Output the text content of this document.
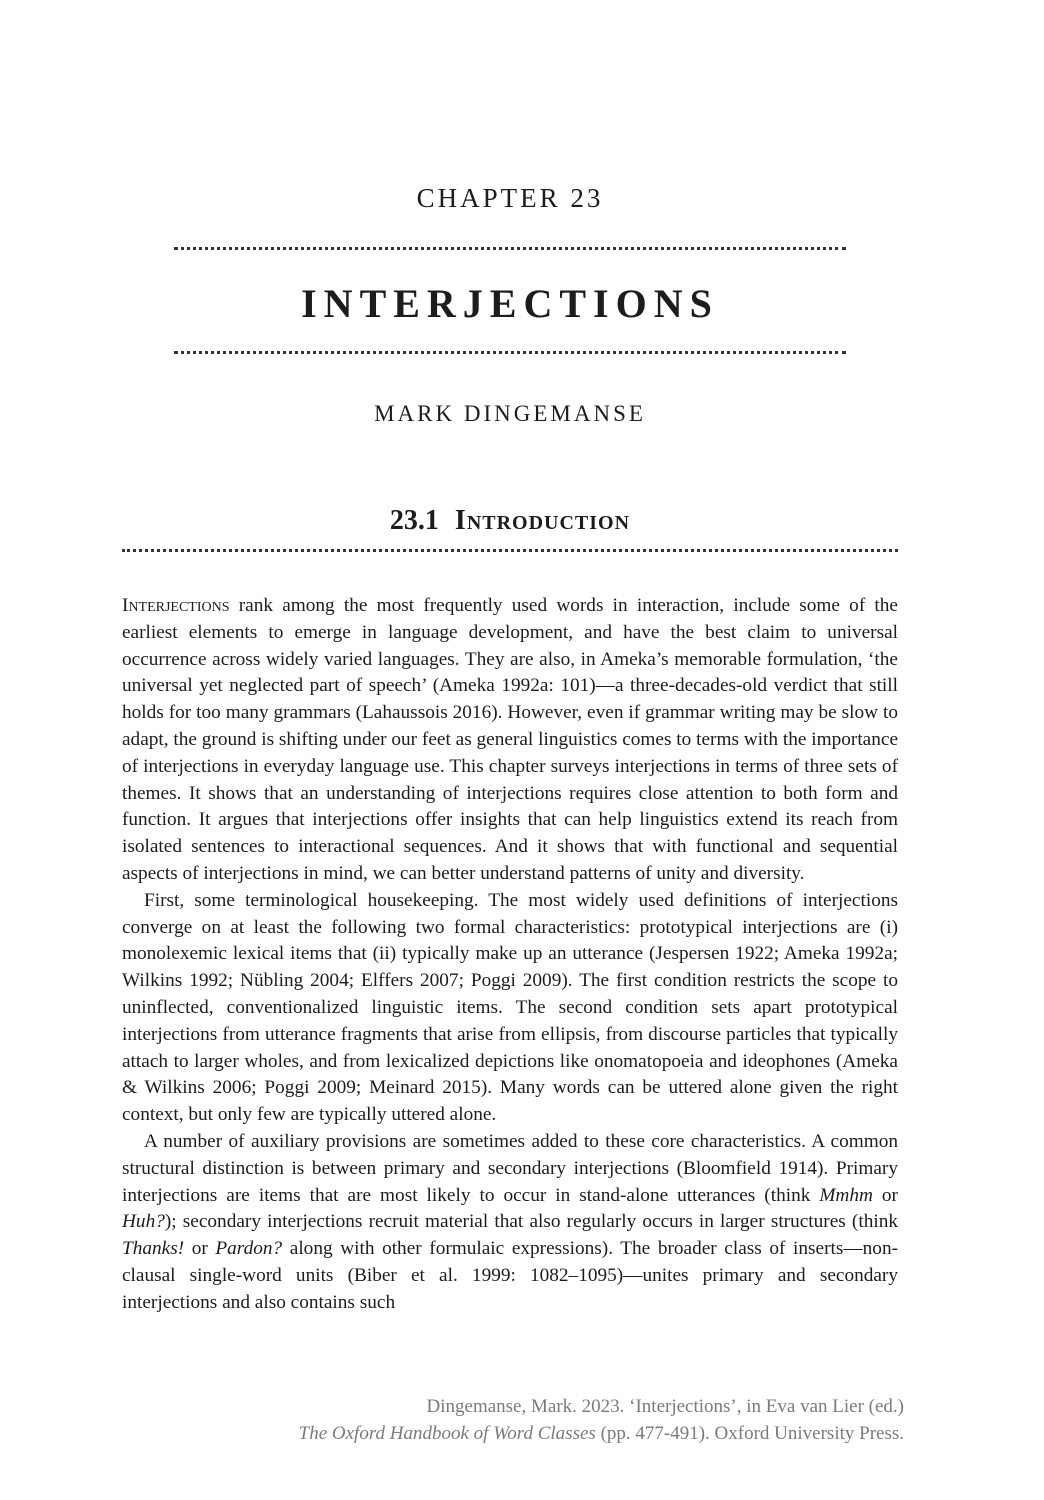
CHAPTER 23
INTERJECTIONS
MARK DINGEMANSE
23.1 Introduction

Interjections rank among the most frequently used words in interaction, include some of the earliest elements to emerge in language development, and have the best claim to universal occurrence across widely varied languages. They are also, in Ameka’s memorable formulation, ‘the universal yet neglected part of speech’ (Ameka 1992a: 101)—a three-decades-old verdict that still holds for too many grammars (Lahaussois 2016). However, even if grammar writing may be slow to adapt, the ground is shifting under our feet as general linguistics comes to terms with the importance of interjections in everyday language use. This chapter surveys interjections in terms of three sets of themes. It shows that an understanding of interjections requires close attention to both form and function. It argues that interjections offer insights that can help linguistics extend its reach from isolated sentences to interactional sequences. And it shows that with functional and sequential aspects of interjections in mind, we can better understand patterns of unity and diversity.

First, some terminological housekeeping. The most widely used definitions of interjections converge on at least the following two formal characteristics: prototypical interjections are (i) monolexemic lexical items that (ii) typically make up an utterance (Jespersen 1922; Ameka 1992a; Wilkins 1992; Nübling 2004; Elffers 2007; Poggi 2009). The first condition restricts the scope to uninflected, conventionalized linguistic items. The second condition sets apart prototypical interjections from utterance fragments that arise from ellipsis, from discourse particles that typically attach to larger wholes, and from lexicalized depictions like onomatopoeia and ideophones (Ameka & Wilkins 2006; Poggi 2009; Meinard 2015). Many words can be uttered alone given the right context, but only few are typically uttered alone.

A number of auxiliary provisions are sometimes added to these core characteristics. A common structural distinction is between primary and secondary interjections (Bloomfield 1914). Primary interjections are items that are most likely to occur in stand-alone utterances (think Mmhm or Huh?); secondary interjections recruit material that also regularly occurs in larger structures (think Thanks! or Pardon? along with other formulaic expressions). The broader class of inserts—non-clausal single-word units (Biber et al. 1999: 1082–1095)—unites primary and secondary interjections and also contains such

Dingemanse, Mark. 2023. ‘Interjections’, in Eva van Lier (ed.)
The Oxford Handbook of Word Classes (pp. 477-491). Oxford University Press.
